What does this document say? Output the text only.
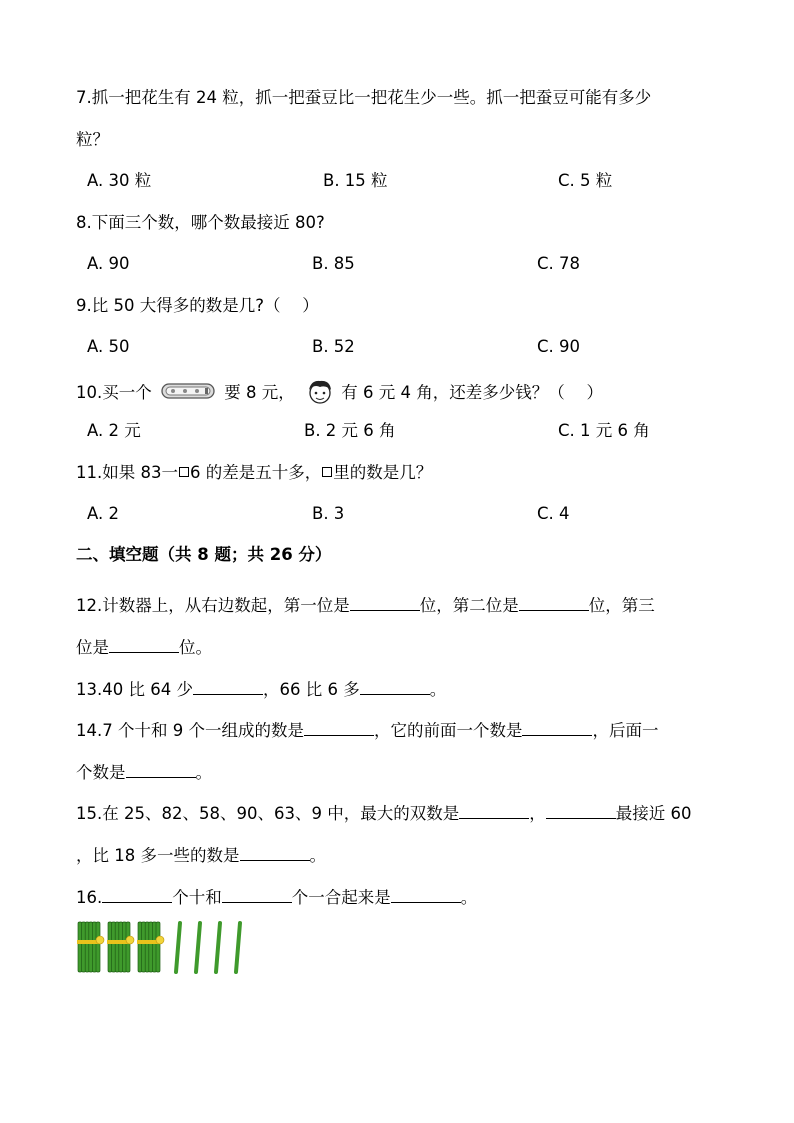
7.抓一把花生有 24 粒，抓一把蚕豆比一把花生少一些。抓一把蚕豆可能有多少
粒？
A. 30 粒	B. 15 粒	C. 5 粒
8.下面三个数，哪个数最接近 80?
A. 90	B. 85	C. 78
9.比 50 大得多的数是几?（　 ）
A. 50	B. 52	C. 90
10.买一个	要 8 元，	有 6 元 4 角，还差多少钱？（　 ）
A. 2 元	B. 2 元 6 角	C. 1 元 6 角
11.如果 83一 6 的差是五十多， 里的数是几？
A. 2	B. 3	C. 4
二、填空题（共 8 题；共 26 分）
12.计数器上，从右边数起，第一位是	位，第二位是	位，第三
位是	位。
13.40 比 64 少	，66 比 6 多	。
14.7 个十和 9 个一组成的数是	，它的前面一个数是	，后面一
个数是	。
15.在 25、82、58、90、63、9 中，最大的双数是	，	最接近 60
，比 18 多一些的数是	。
16.	个十和	个一合起来是	。
